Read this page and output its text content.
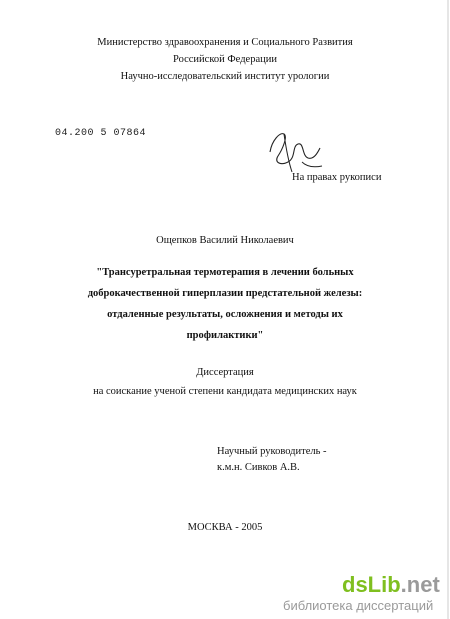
Министерство здравоохранения и Социального Развития
Российской Федерации
Научно-исследовательский институт урологии
04.200 5 07864
На правах рукописи
Ощепков Василий Николаевич
"Трансуретральная термотерапия в лечении больных
доброкачественной гиперплазии предстательной железы:
отдаленные результаты, осложнения и методы их
профилактики"
Диссертация
на соискание ученой степени кандидата медицинских наук
Научный руководитель -
к.м.н. Сивков А.В.
МОСКВА - 2005
dsLib.net
библиотека диссертаций
